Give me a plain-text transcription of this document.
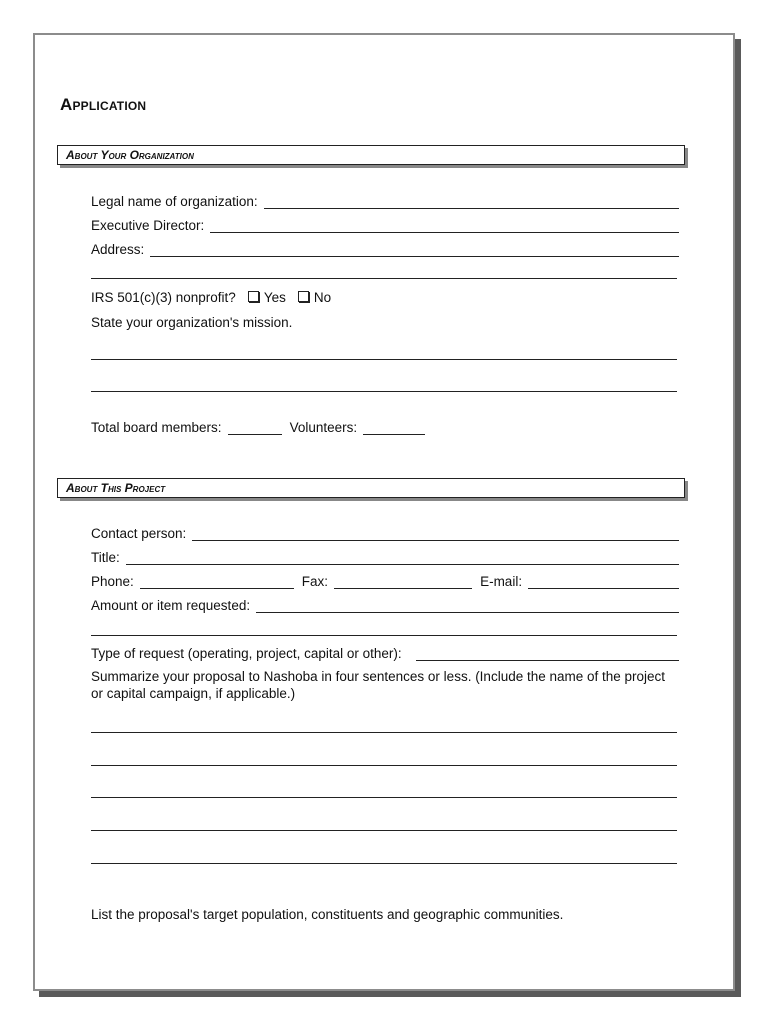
Application
About Your Organization
Legal name of organization:
Executive Director:
Address:
IRS 501(c)(3) nonprofit? Yes No
State your organization's mission.
Total board members:	Volunteers:
About This Project
Contact person:
Title:
Phone:	Fax:	E-mail:
Amount or item requested:
Type of request (operating, project, capital or other):
Summarize your proposal to Nashoba in four sentences or less. (Include the name of the project or capital campaign, if applicable.)
List the proposal's target population, constituents and geographic communities.
